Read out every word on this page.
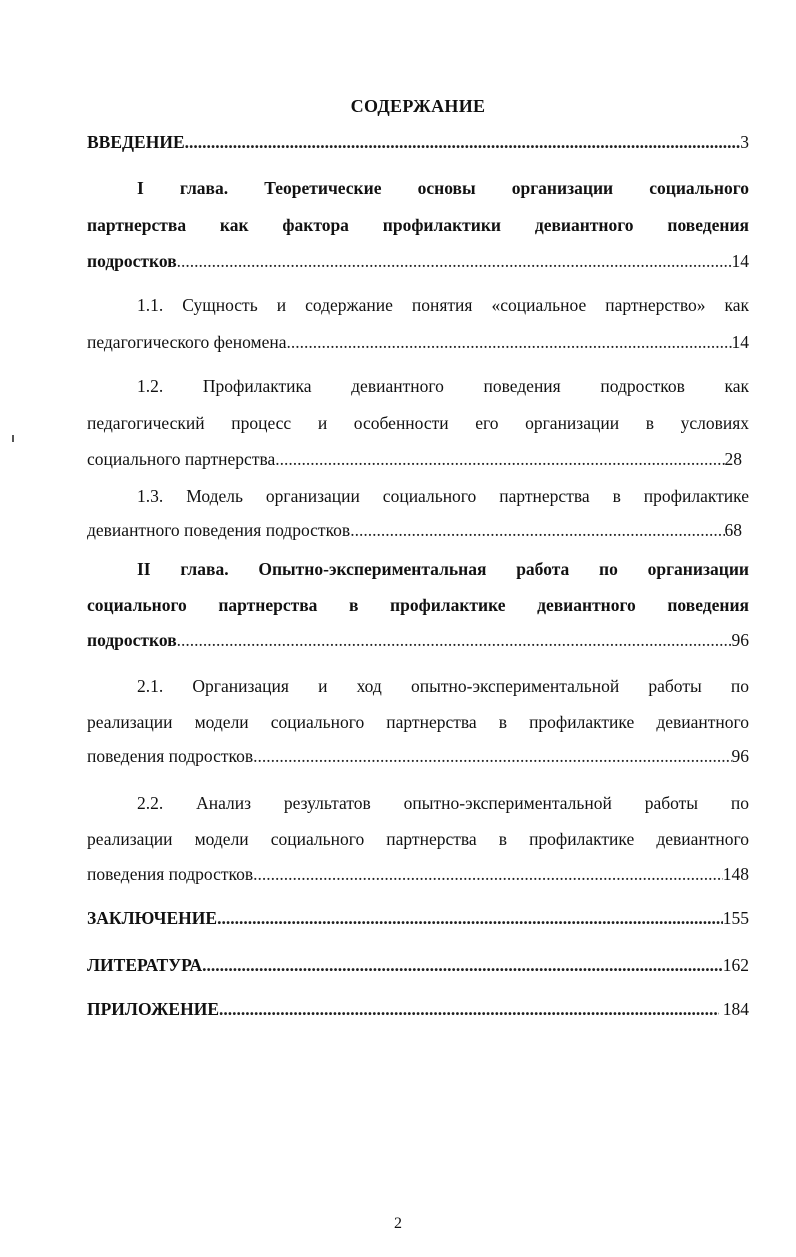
СОДЕРЖАНИЕ
ВВЕДЕНИЕ .....	3
I глава. Теоретические основы организации социального
партнерства как фактора профилактики девиантного поведения
подростков .....	14
1.1. Сущность и содержание понятия «социальное партнерство» как
педагогического феномена .....	14
1.2. Профилактика девиантного поведения подростков как
педагогический процесс и особенности его организации в условиях
социального партнерства .....	28
1.3. Модель организации социального партнерства в профилактике
девиантного поведения подростков .....	68
II глава. Опытно-экспериментальная работа по организации
социального партнерства в профилактике девиантного поведения
подростков .....	96
2.1. Организация и ход опытно-экспериментальной работы по
реализации модели социального партнерства в профилактике девиантного
поведения подростков .....	96
2.2. Анализ результатов опытно-экспериментальной работы по
реализации модели социального партнерства в профилактике девиантного
поведения подростков .....	148
ЗАКЛЮЧЕНИЕ .....	155
ЛИТЕРАТУРА .....	162
ПРИЛОЖЕНИЕ .....	184
2
